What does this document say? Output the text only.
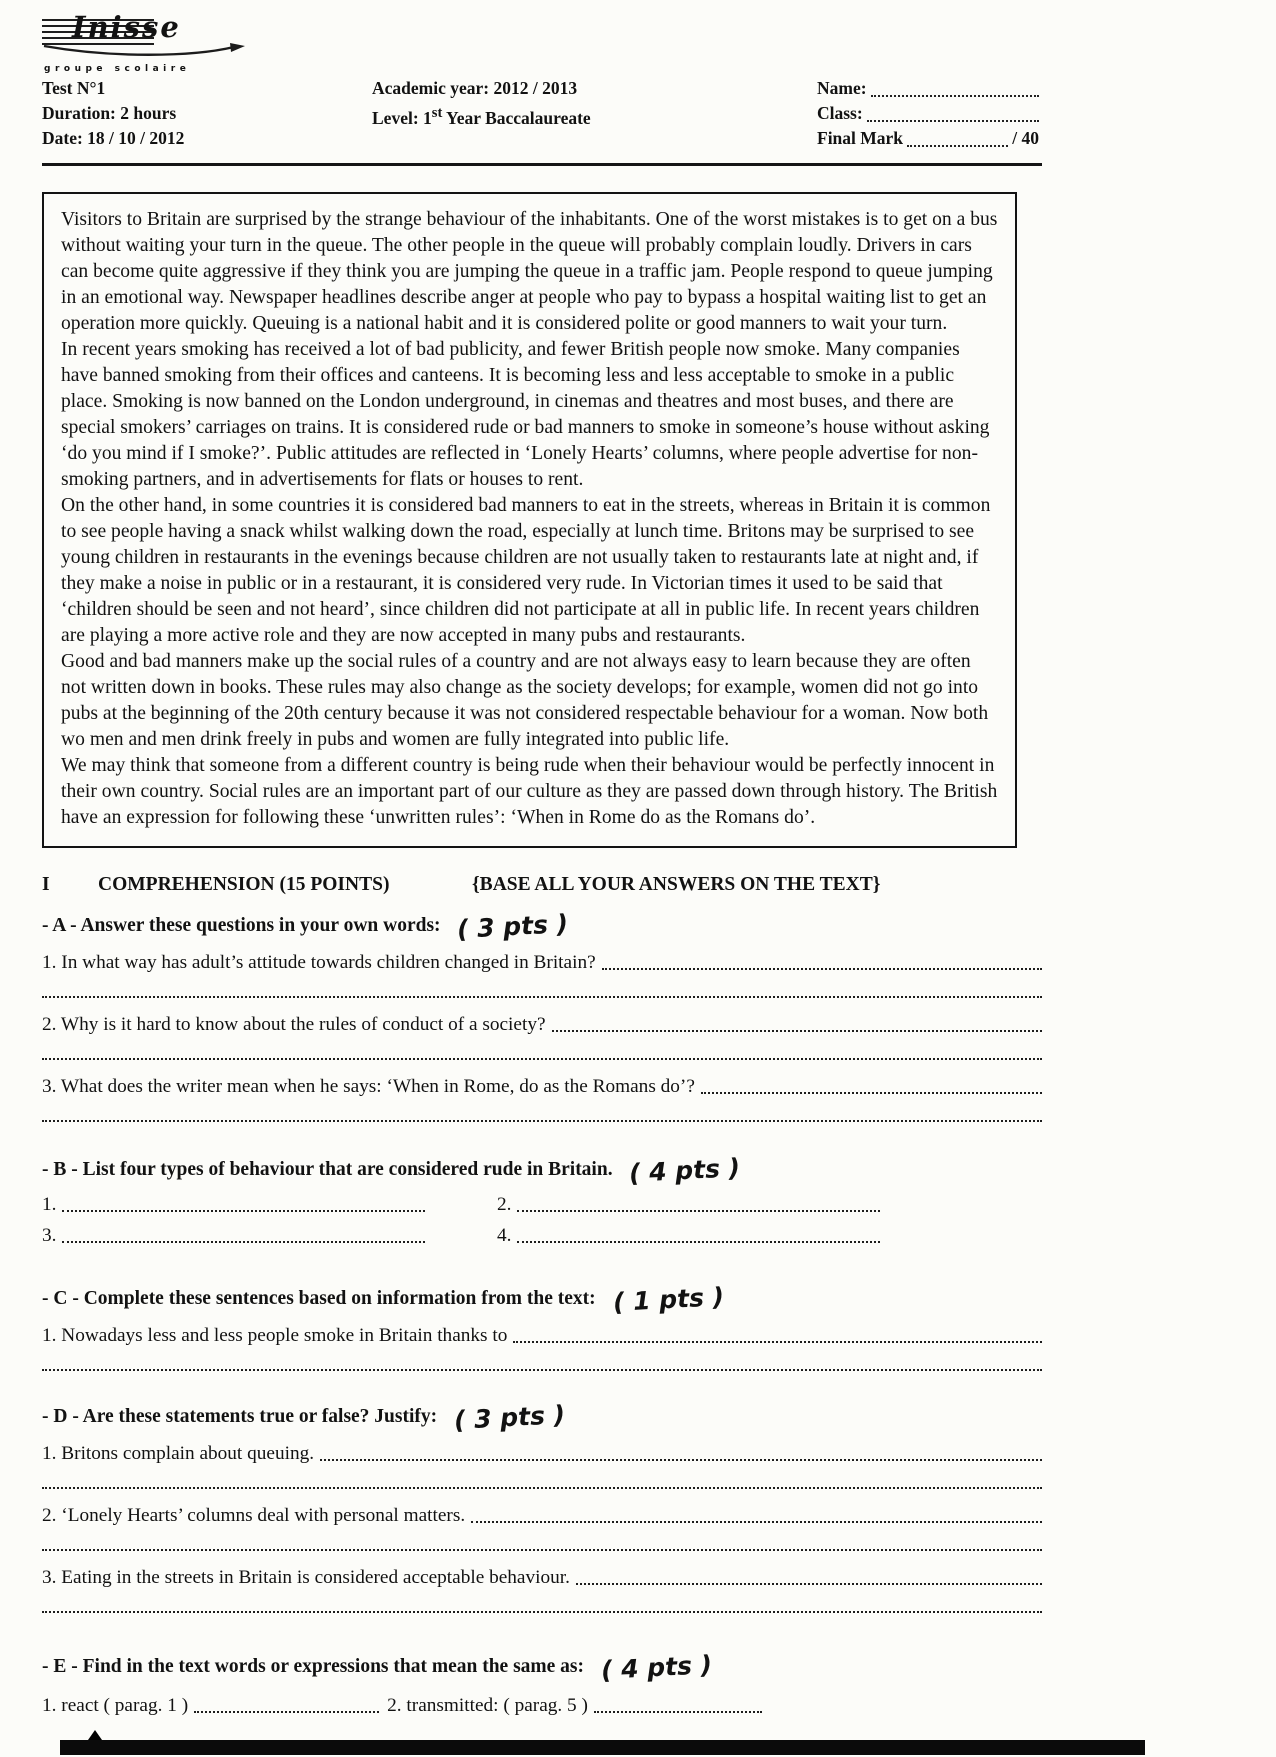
Inisse
groupe scolaire
Test N°1
Duration: 2 hours
Date: 18 / 10 / 2012
Academic year: 2012 / 2013
Level: 1st Year Baccalaureate
Name:
Class:
Final Mark	/ 40

Visitors to Britain are surprised by the strange behaviour of the inhabitants. One of the worst mistakes is to get on a bus without waiting your turn in the queue. The other people in the queue will probably complain loudly. Drivers in cars can become quite aggressive if they think you are jumping the queue in a traffic jam. People respond to queue jumping in an emotional way. Newspaper headlines describe anger at people who pay to bypass a hospital waiting list to get an operation more quickly. Queuing is a national habit and it is considered polite or good manners to wait your turn.

In recent years smoking has received a lot of bad publicity, and fewer British people now smoke. Many companies have banned smoking from their offices and canteens. It is becoming less and less acceptable to smoke in a public place. Smoking is now banned on the London underground, in cinemas and theatres and most buses, and there are special smokers’ carriages on trains. It is considered rude or bad manners to smoke in someone’s house without asking ‘do you mind if I smoke?’. Public attitudes are reflected in ‘Lonely Hearts’ columns, where people advertise for non-smoking partners, and in advertisements for flats or houses to rent.

On the other hand, in some countries it is considered bad manners to eat in the streets, whereas in Britain it is common to see people having a snack whilst walking down the road, especially at lunch time. Britons may be surprised to see young children in restaurants in the evenings because children are not usually taken to restaurants late at night and, if they make a noise in public or in a restaurant, it is considered very rude. In Victorian times it used to be said that ‘children should be seen and not heard’, since children did not participate at all in public life. In recent years children are playing a more active role and they are now accepted in many pubs and restaurants.

Good and bad manners make up the social rules of a country and are not always easy to learn because they are often not written down in books. These rules may also change as the society develops; for example, women did not go into pubs at the beginning of the 20th century because it was not considered respectable behaviour for a woman. Now both wo men and men drink freely in pubs and women are fully integrated into public life.

We may think that someone from a different country is being rude when their behaviour would be perfectly innocent in their own country. Social rules are an important part of our culture as they are passed down through history. The British have an expression for following these ‘unwritten rules’: ‘When in Rome do as the Romans do’.

I	COMPREHENSION (15 POINTS)	{BASE ALL YOUR ANSWERS ON THE TEXT}
- A - Answer these questions in your own words: ( 3 pts )
1. In what way has adult’s attitude towards children changed in Britain?
2. Why is it hard to know about the rules of conduct of a society?
3. What does the writer mean when he says: ‘When in Rome, do as the Romans do’?
- B - List four types of behaviour that are considered rude in Britain. ( 4 pts )
1.	2.
3.	4.
- C - Complete these sentences based on information from the text: ( 1 pts )
1. Nowadays less and less people smoke in Britain thanks to
- D - Are these statements true or false? Justify: ( 3 pts )
1. Britons complain about queuing.
2. ‘Lonely Hearts’ columns deal with personal matters.
3. Eating in the streets in Britain is considered acceptable behaviour.
- E - Find in the text words or expressions that mean the same as: ( 4 pts )
1. react ( parag. 1 )	2. transmitted: ( parag. 5 )
